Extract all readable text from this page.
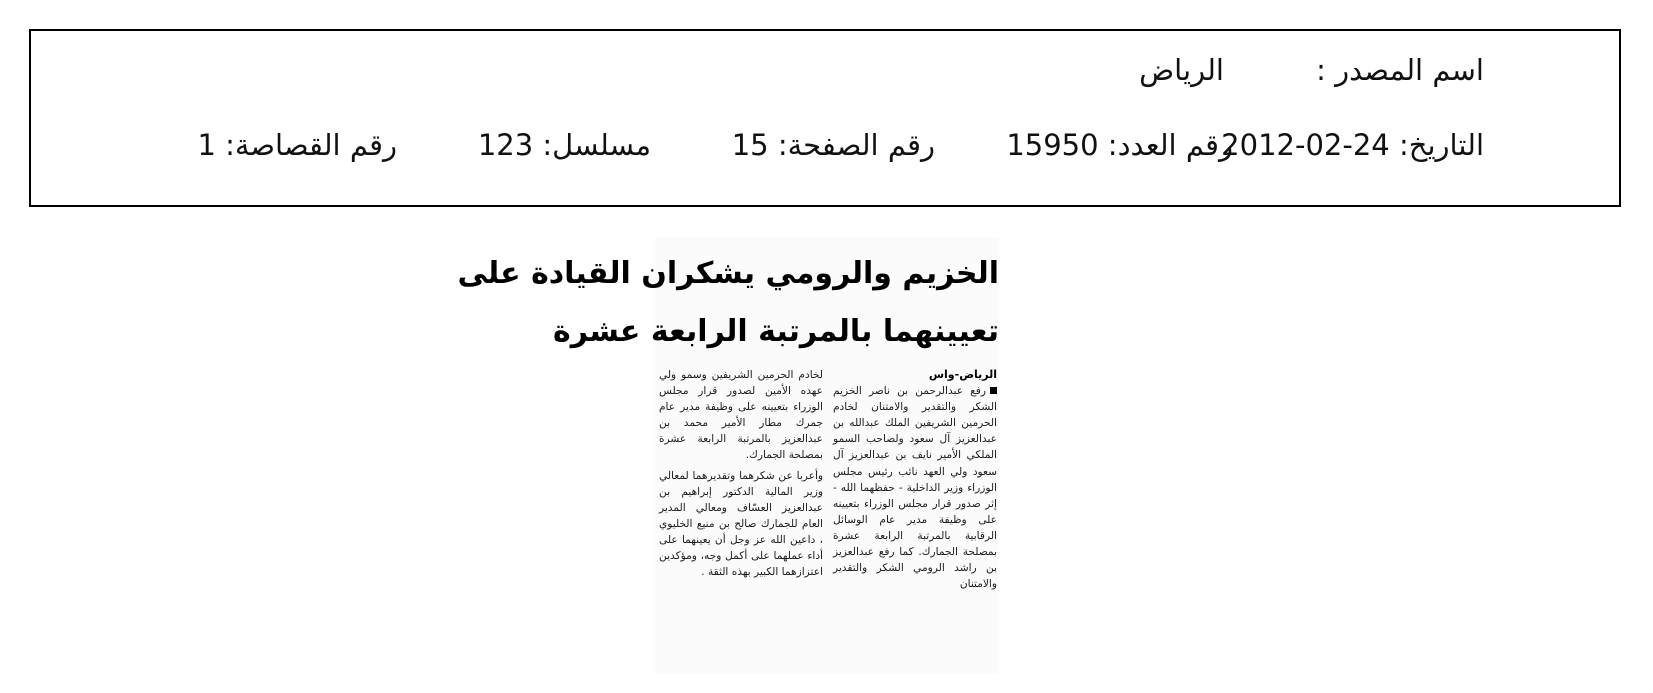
اسم المصدر :
الرياض
التاريخ: 24-02-2012
رقم العدد: 15950
رقم الصفحة: 15
مسلسل: 123
رقم القصاصة: 1
الخزيم والرومي يشكران القيادة على
تعيينهما بالمرتبة الرابعة عشرة

الرياض-واس

رفع عبدالرحمن بن ناصر الخزيم الشكر والتقدير والامتنان لخادم الحرمين الشريفين الملك عبدالله بن عبدالعزيز آل سعود ولصاحب السمو الملكي الأمير نايف بن عبدالعزيز آل سعود ولي العهد نائب رئيس مجلس الوزراء وزير الداخلية - حفظهما الله - إثر صدور قرار مجلس الوزراء بتعيينه على وظيفة مدير عام الوسائل الرقابية بالمرتبة الرابعة عشرة بمصلحة الجمارك. كما رفع عبدالعزيز بن راشد الرومي الشكر والتقدير والامتنان

لخادم الحرمين الشريفين وسمو ولي عهده الأمين لصدور قرار مجلس الوزراء بتعيينه على وظيفة مدير عام جمرك مطار الأمير محمد بن عبدالعزيز بالمرتبة الرابعة عشرة بمصلحة الجمارك.

وأعربا عن شكرهما وتقديرهما لمعالي وزير المالية الدكتور إبراهيم بن عبدالعزيز العسّاف ومعالي المدير العام للجمارك صالح بن منيع الخليوي ، داعين الله عز وجل أن يعينهما على أداء عملهما على أكمل وجه، ومؤكدين اعتزازهما الكبير بهذه الثقة .
